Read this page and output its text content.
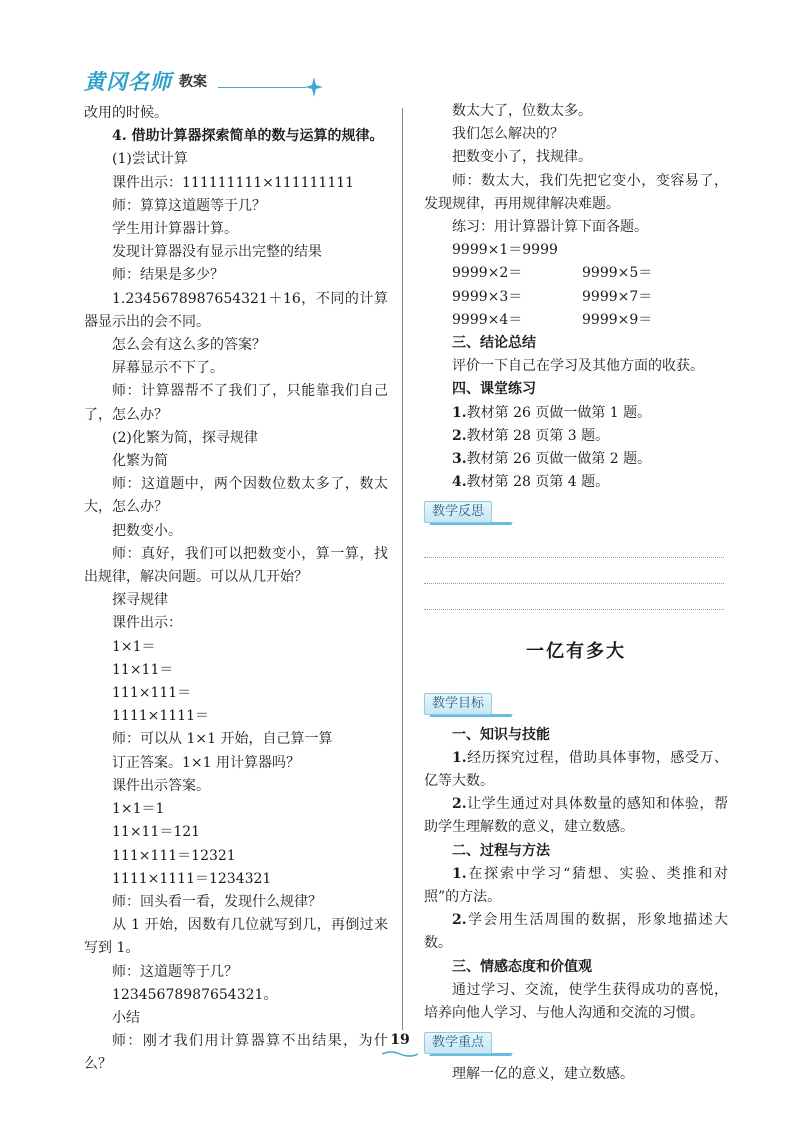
黄冈名师 教案

改用的时候。

4. 借助计算器探索简单的数与运算的规律。

(1)尝试计算

课件出示：111111111×111111111

师：算算这道题等于几？

学生用计算器计算。

发现计算器没有显示出完整的结果

师：结果是多少？

1.2345678987654321＋16，不同的计算器显示出的会不同。

怎么会有这么多的答案？

屏幕显示不下了。

师：计算器帮不了我们了，只能靠我们自己了，怎么办？

(2)化繁为简，探寻规律

化繁为简

师：这道题中，两个因数位数太多了，数太大，怎么办？

把数变小。

师：真好，我们可以把数变小，算一算，找出规律，解决问题。可以从几开始？

探寻规律

课件出示：

1×1＝

11×11＝

111×111＝

1111×1111＝

师：可以从 1×1 开始，自己算一算

订正答案。1×1 用计算器吗？

课件出示答案。

1×1＝1

11×11＝121

111×111＝12321

1111×1111＝1234321

师：回头看一看，发现什么规律？

从 1 开始，因数有几位就写到几，再倒过来写到 1。

师：这道题等于几？

12345678987654321。

小结

师：刚才我们用计算器算不出结果，为什么？

数太大了，位数太多。

我们怎么解决的？

把数变小了，找规律。

师：数太大，我们先把它变小，变容易了，发现规律，再用规律解决难题。

练习：用计算器计算下面各题。

9999×1＝9999

9999×2＝	9999×5＝
9999×3＝	9999×7＝
9999×4＝	9999×9＝

三、结论总结

评价一下自己在学习及其他方面的收获。

四、课堂练习

1.教材第 26 页做一做第 1 题。

2.教材第 28 页第 3 题。

3.教材第 26 页做一做第 2 题。

4.教材第 28 页第 4 题。

教学反思

一亿有多大

教学目标

一、知识与技能

1.经历探究过程，借助具体事物，感受万、亿等大数。

2.让学生通过对具体数量的感知和体验，帮助学生理解数的意义，建立数感。

二、过程与方法

1.在探索中学习“猜想、实验、类推和对照”的方法。

2.学会用生活周围的数据，形象地描述大数。

三、情感态度和价值观

通过学习、交流，使学生获得成功的喜悦，培养向他人学习、与他人沟通和交流的习惯。

教学重点

理解一亿的意义，建立数感。

19
